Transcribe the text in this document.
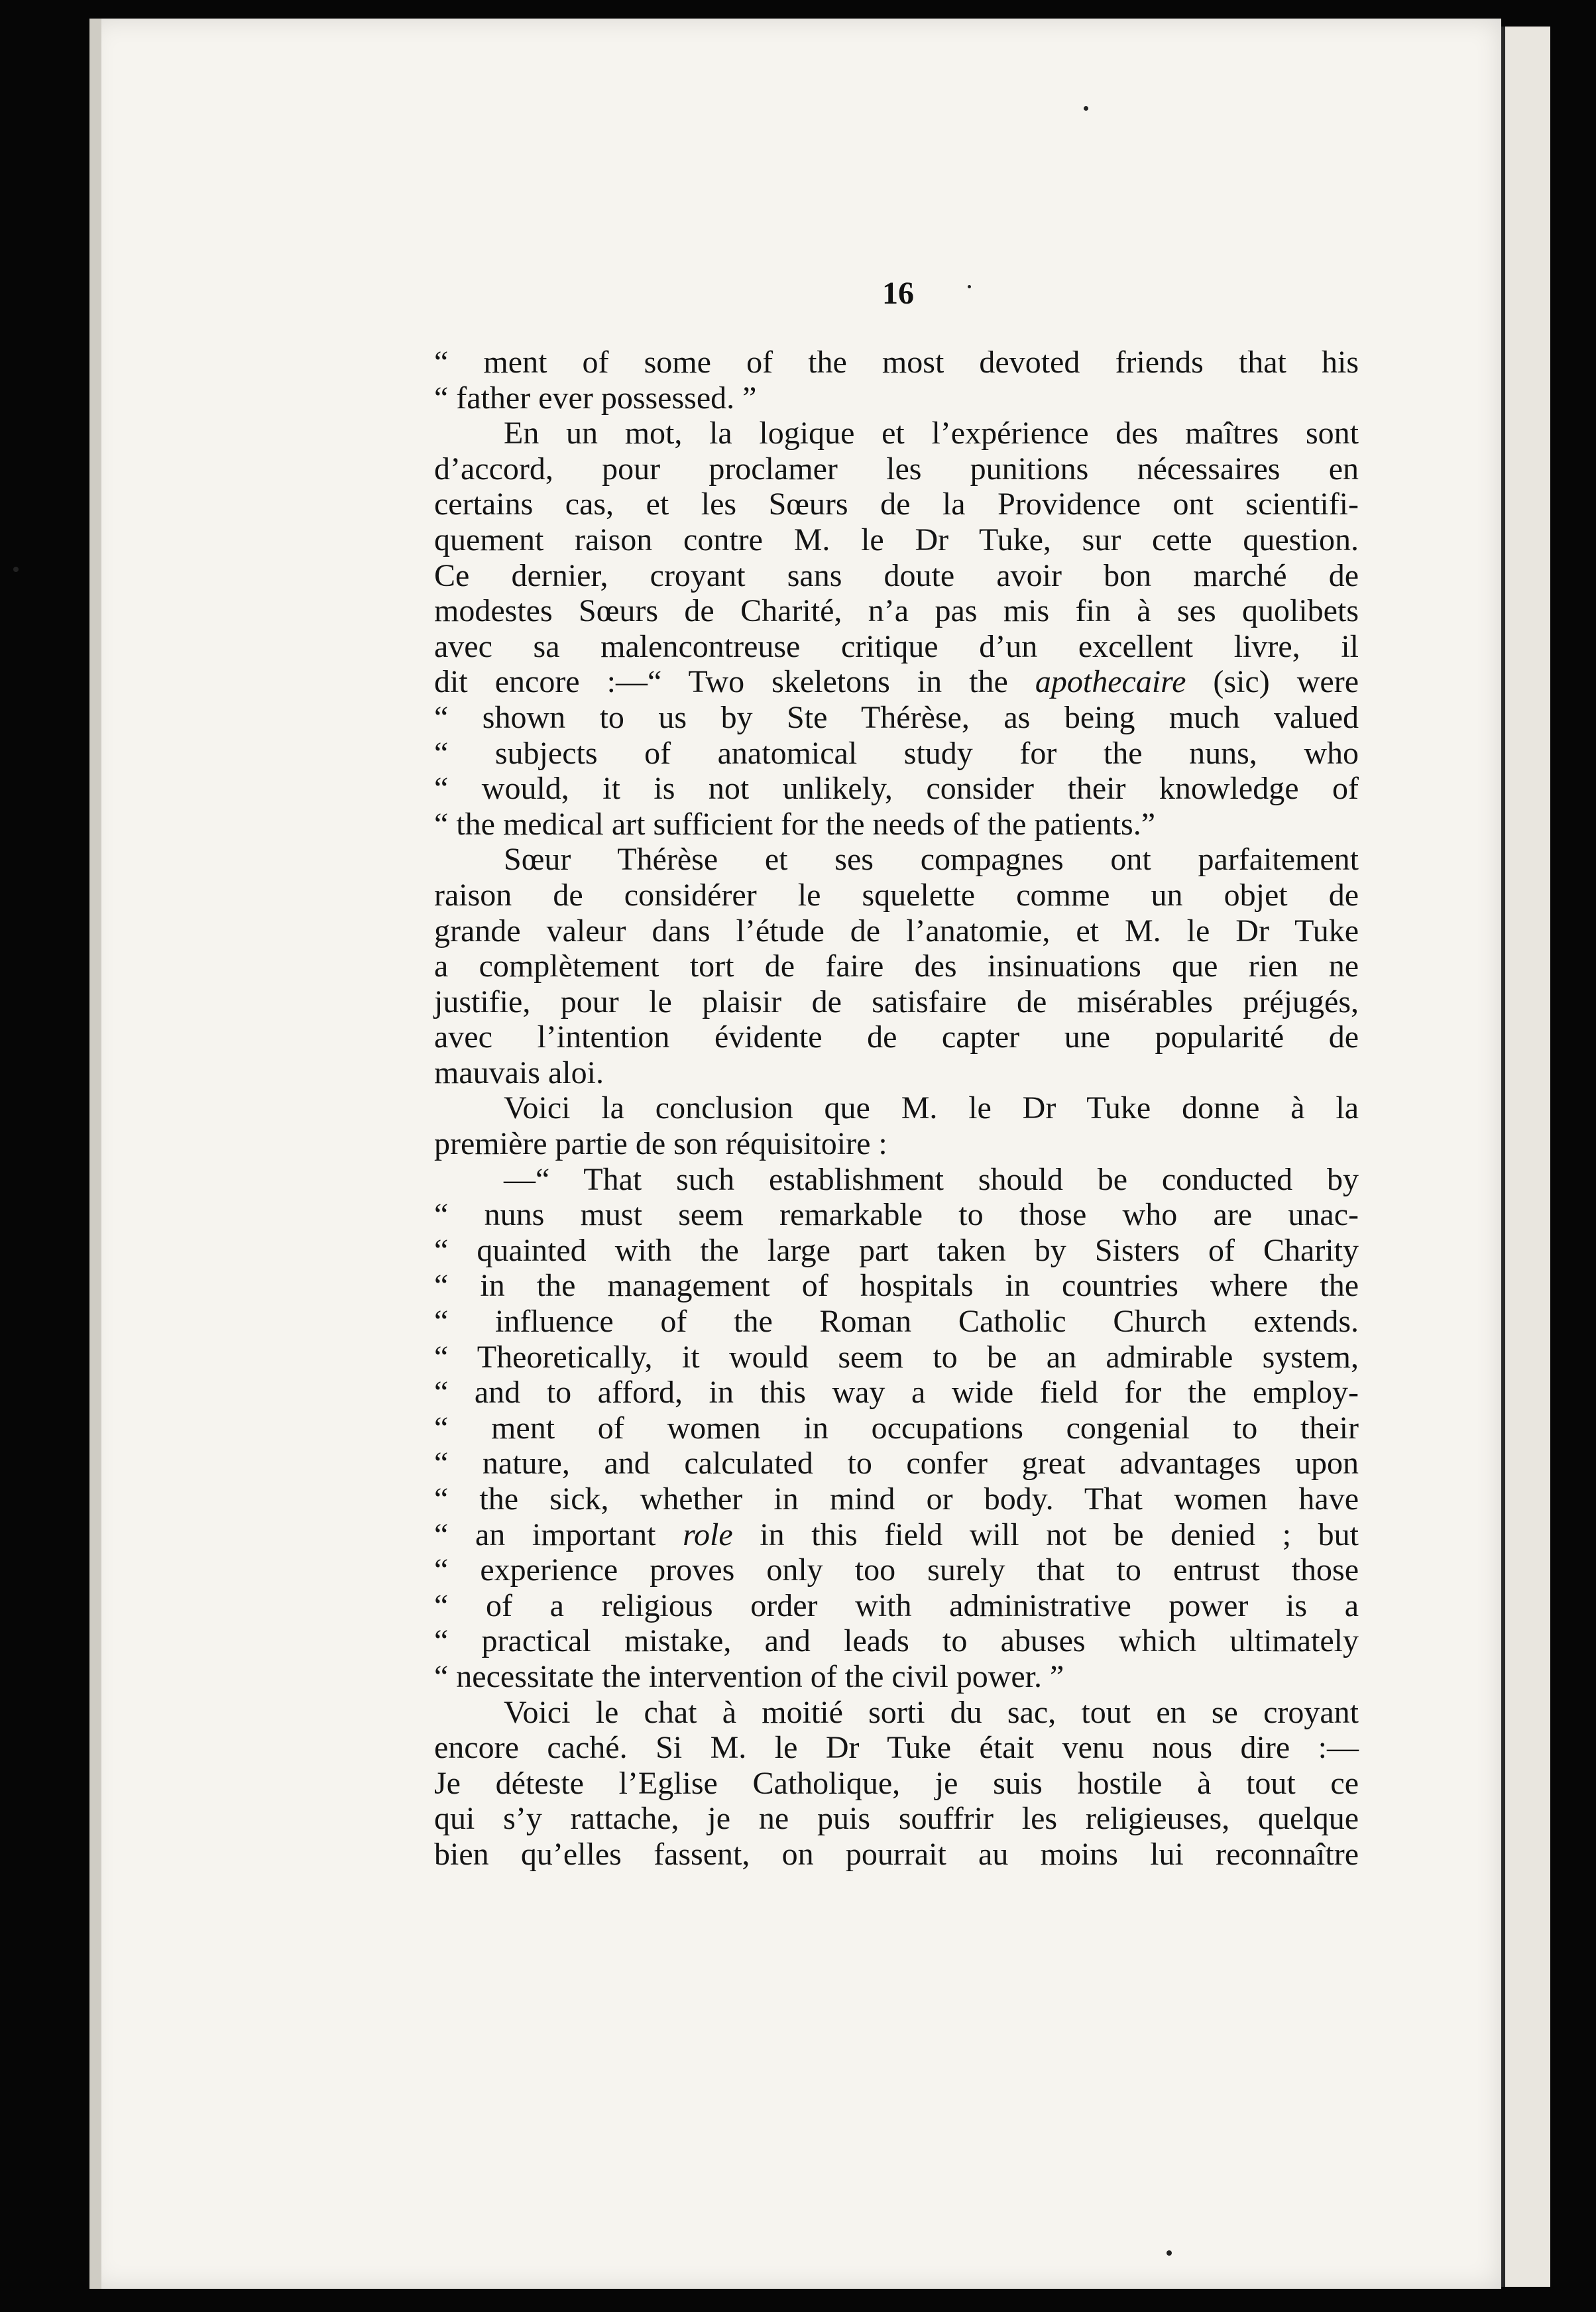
16
“ ment of some of the most devoted friends that his
“ father ever possessed. ”
En un mot, la logique et l’expérience des maîtres sont
d’accord, pour proclamer les punitions nécessaires en
certains cas, et les Sœurs de la Providence ont scientifi-
quement raison contre M. le Dr Tuke, sur cette question.
Ce dernier, croyant sans doute avoir bon marché de
modestes Sœurs de Charité, n’a pas mis fin à ses quolibets
avec sa malencontreuse critique d’un excellent livre, il
dit encore :—“ Two skeletons in the apothecaire (sic) were
“ shown to us by Ste Thérèse, as being much valued
“ subjects of anatomical study for the nuns, who
“ would, it is not unlikely, consider their knowledge of
“ the medical art sufficient for the needs of the patients.”
Sœur Thérèse et ses compagnes ont parfaitement
raison de considérer le squelette comme un objet de
grande valeur dans l’étude de l’anatomie, et M. le Dr Tuke
a complètement tort de faire des insinuations que rien ne
justifie, pour le plaisir de satisfaire de misérables préjugés,
avec l’intention évidente de capter une popularité de
mauvais aloi.
Voici la conclusion que M. le Dr Tuke donne à la
première partie de son réquisitoire :
—“ That such establishment should be conducted by
“ nuns must seem remarkable to those who are unac-
“ quainted with the large part taken by Sisters of Charity
“ in the management of hospitals in countries where the
“ influence of the Roman Catholic Church extends.
“ Theoretically, it would seem to be an admirable system,
“ and to afford, in this way a wide field for the employ-
“ ment of women in occupations congenial to their
“ nature, and calculated to confer great advantages upon
“ the sick, whether in mind or body. That women have
“ an important role in this field will not be denied ; but
“ experience proves only too surely that to entrust those
“ of a religious order with administrative power is a
“ practical mistake, and leads to abuses which ultimately
“ necessitate the intervention of the civil power. ”
Voici le chat à moitié sorti du sac, tout en se croyant
encore caché. Si M. le Dr Tuke était venu nous dire :—
Je déteste l’Eglise Catholique, je suis hostile à tout ce
qui s’y rattache, je ne puis souffrir les religieuses, quelque
bien qu’elles fassent, on pourrait au moins lui reconnaître
